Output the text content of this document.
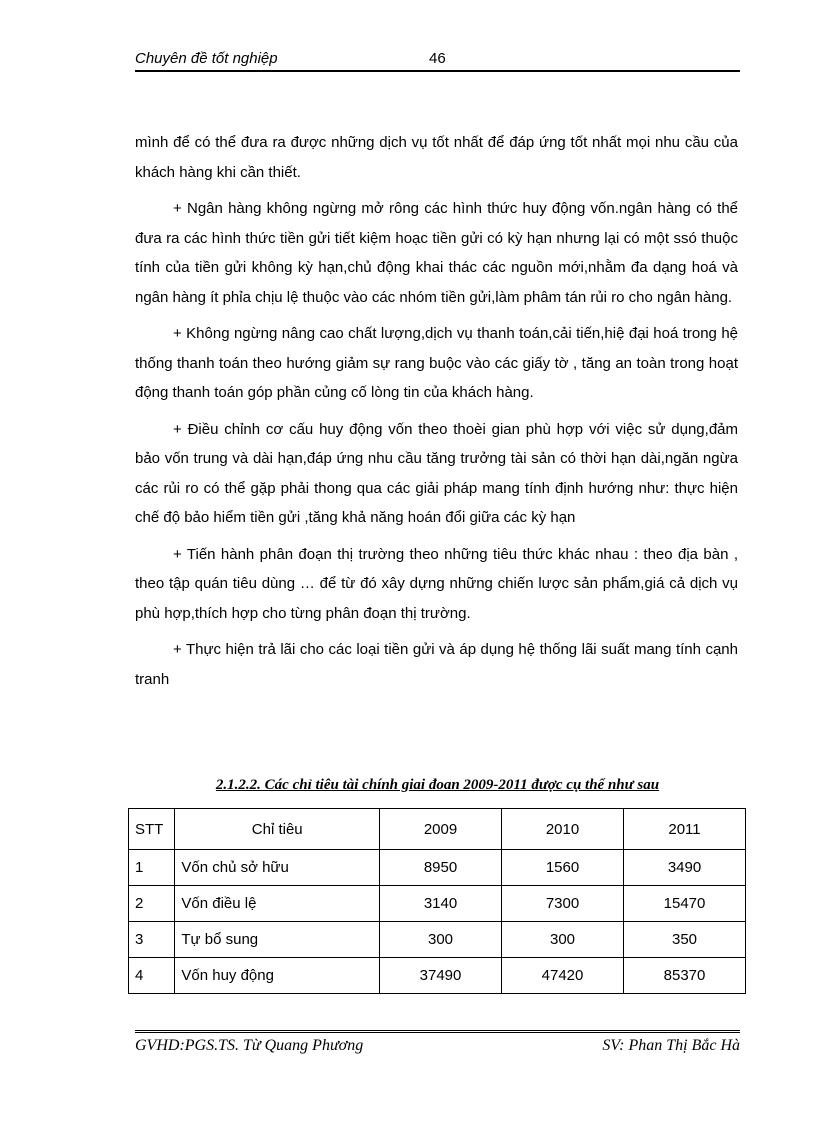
Chuyên đề tốt nghiệp	46

mình để có thể đưa ra được những dịch vụ tốt nhất để đáp ứng tốt nhất mọi nhu cầu của khách hàng khi cần thiết.

+ Ngân hàng không ngừng mở rông các hình thức huy động vốn.ngân hàng có thể đưa ra các hình thức tiền gửi tiết kiệm hoạc tiền gửi có kỳ hạn nhưng lại có một ssó thuộc tính của tiền gửi không kỳ hạn,chủ động khai thác các nguồn mới,nhằm đa dạng hoá và ngân hàng ít phỉa chịu lệ thuộc vào các nhóm tiền gửi,làm phâm tán rủi ro cho ngân hàng.

+ Không ngừng nâng cao chất lượng,dịch vụ thanh toán,cải tiến,hiệ đại hoá trong hệ thống thanh toán theo hướng giảm sự rang buộc vào các giấy tờ , tăng an toàn trong hoạt động thanh toán góp phần củng cố lòng tin của khách hàng.

+ Điều chỉnh cơ cấu huy động vốn theo thoèi gian phù hợp với việc sử dụng,đảm bảo vốn trung và dài hạn,đáp ứng nhu cầu tăng trưởng tài sản có thời hạn dài,ngăn ngừa các rủi ro có thể gặp phải thong qua các giải pháp mang tính định hướng như: thực hiện chế độ bảo hiểm tiền gửi ,tăng khả năng hoán đổi giữa các kỳ hạn

+ Tiến hành phân đoạn thị trường theo những tiêu thức khác nhau : theo địa bàn , theo tập quán tiêu dùng … để từ đó xây dựng những chiến lược sản phẩm,giá cả dịch vụ phù hợp,thích hợp cho từng phân đoạn thị trường.

+ Thực hiện trả lãi cho các loại tiền gửi và áp dụng hệ thống lãi suất mang tính cạnh tranh

2.1.2.2. Các chỉ tiêu tài chính giai đoan 2009-2011 được cụ thể như sau
STT	Chỉ tiêu	2009	2010	2011
1	Vốn chủ sở hữu	8950	1560	3490
2	Vốn điều lệ	3140	7300	15470
3	Tự bổ sung	300	300	350
4	Vốn huy động	37490	47420	85370
GVHD:PGS.TS. Từ Quang Phương	SV: Phan Thị Bắc Hà
